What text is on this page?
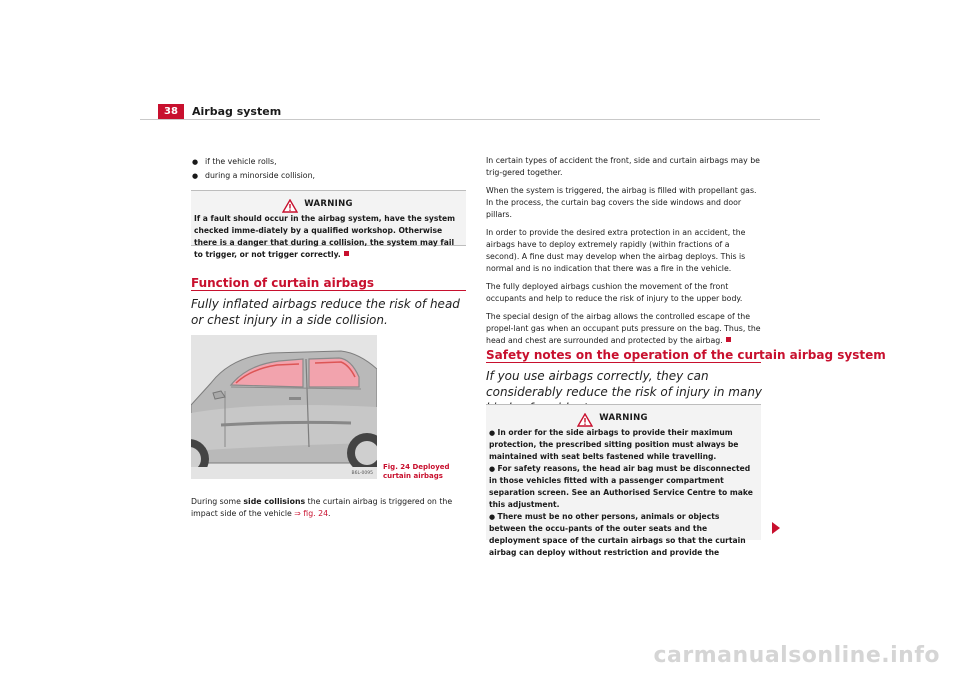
38	Airbag system
● if the vehicle rolls,
● during a minorside collision,
WARNING
If a fault should occur in the airbag system, have the system checked imme-diately by a qualified workshop. Otherwise there is a danger that during a collision, the system may fail to trigger, or not trigger correctly.
Function of curtain airbags
Fully inflated airbags reduce the risk of head or chest injury in a side collision.
B6L-0095
Fig. 24 Deployed curtain airbags
During some side collisions the curtain airbag is triggered on the impact side of the vehicle ⇒ fig. 24.

In certain types of accident the front, side and curtain airbags may be trig-gered together.

When the system is triggered, the airbag is filled with propellant gas. In the process, the curtain bag covers the side windows and door pillars.

In order to provide the desired extra protection in an accident, the airbags have to deploy extremely rapidly (within fractions of a second). A fine dust may develop when the airbag deploys. This is normal and is no indication that there was a fire in the vehicle.

The fully deployed airbags cushion the movement of the front occupants and help to reduce the risk of injury to the upper body.

The special design of the airbag allows the controlled escape of the propel-lant gas when an occupant puts pressure on the bag. Thus, the head and chest are surrounded and protected by the airbag.

Safety notes on the operation of the curtain airbag system
If you use airbags correctly, they can considerably reduce the risk of injury in many
WARNING
● In order for the side airbags to provide their maximum protection, the prescribed sitting position must always be maintained with seat belts fastened while travelling.
● For safety reasons, the head air bag must be disconnected in those vehicles fitted with a passenger compartment separation screen. See an Authorised Service Centre to make this adjustment.
● There must be no other persons, animals or objects between the occu-pants of the outer seats and the deployment space of the curtain airbags so that the curtain airbag can deploy without restriction and provide the
carmanualsonline.info
